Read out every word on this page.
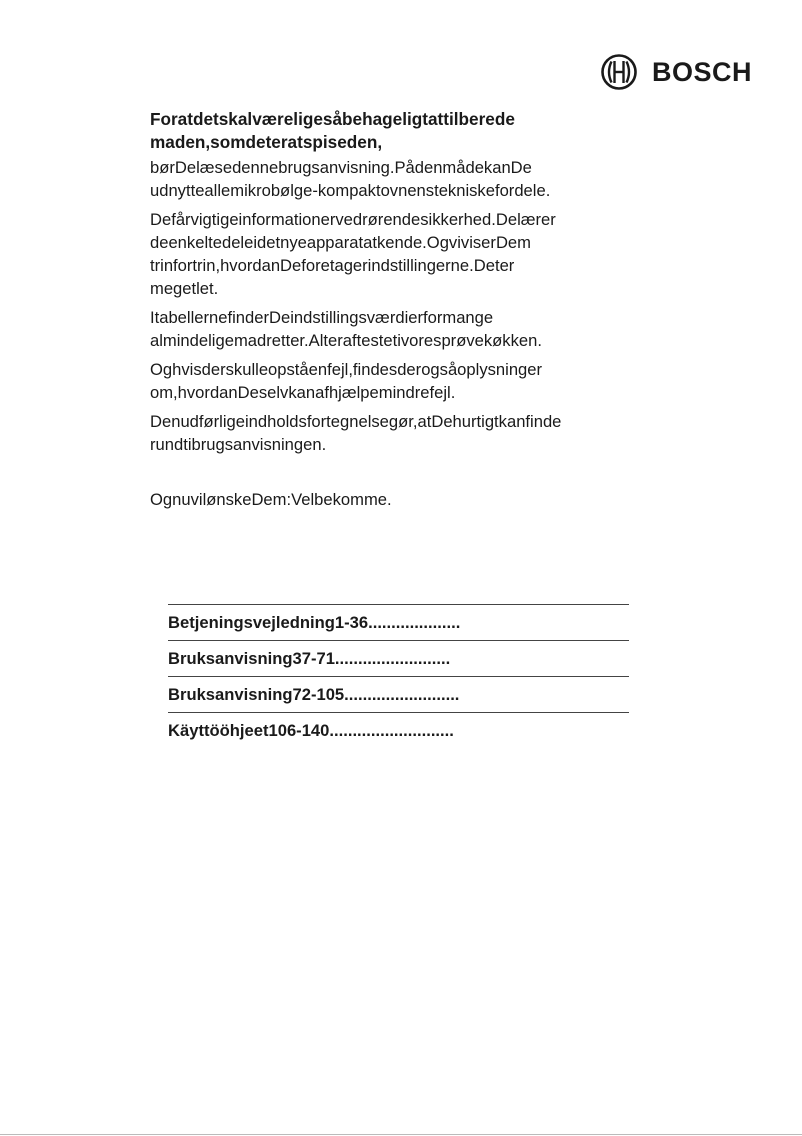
BOSCH
Foratdetskalværeligesåbehageligtattilberede
maden,somdeteratspiseden,
børDelæsedennebrugsanvisning.PådenmådekanDe
udnytteallemikrobølge-kompaktovnenstekniskefordele.
Defårvigtigeinformationervedrørendesikkerhed.Delærer
deenkeltedeleidetnyeapparatatkende.OgviviserDem
trinfortrin,hvordanDeforetagerindstillingerne.Deter
megetlet.
ItabellernefinderDeindstillingsværdierformange
almindeligemadretter.Alteraftestetivoresprøvekøkken.
Oghvisderskulleopståenfejl,findesderogsåoplysninger
om,hvordanDeselvkanafhjælpemindrefejl.
Denudførligeindholdsfortegnelsegør,atDehurtigtkanfinde
rundtibrugsanvisningen.
OgnuvilønskeDem:Velbekomme.
Betjeningsvejledning1-36....................
Bruksanvisning37-71.........................
Bruksanvisning72-105.........................
Käyttööhjeet106-140...........................
